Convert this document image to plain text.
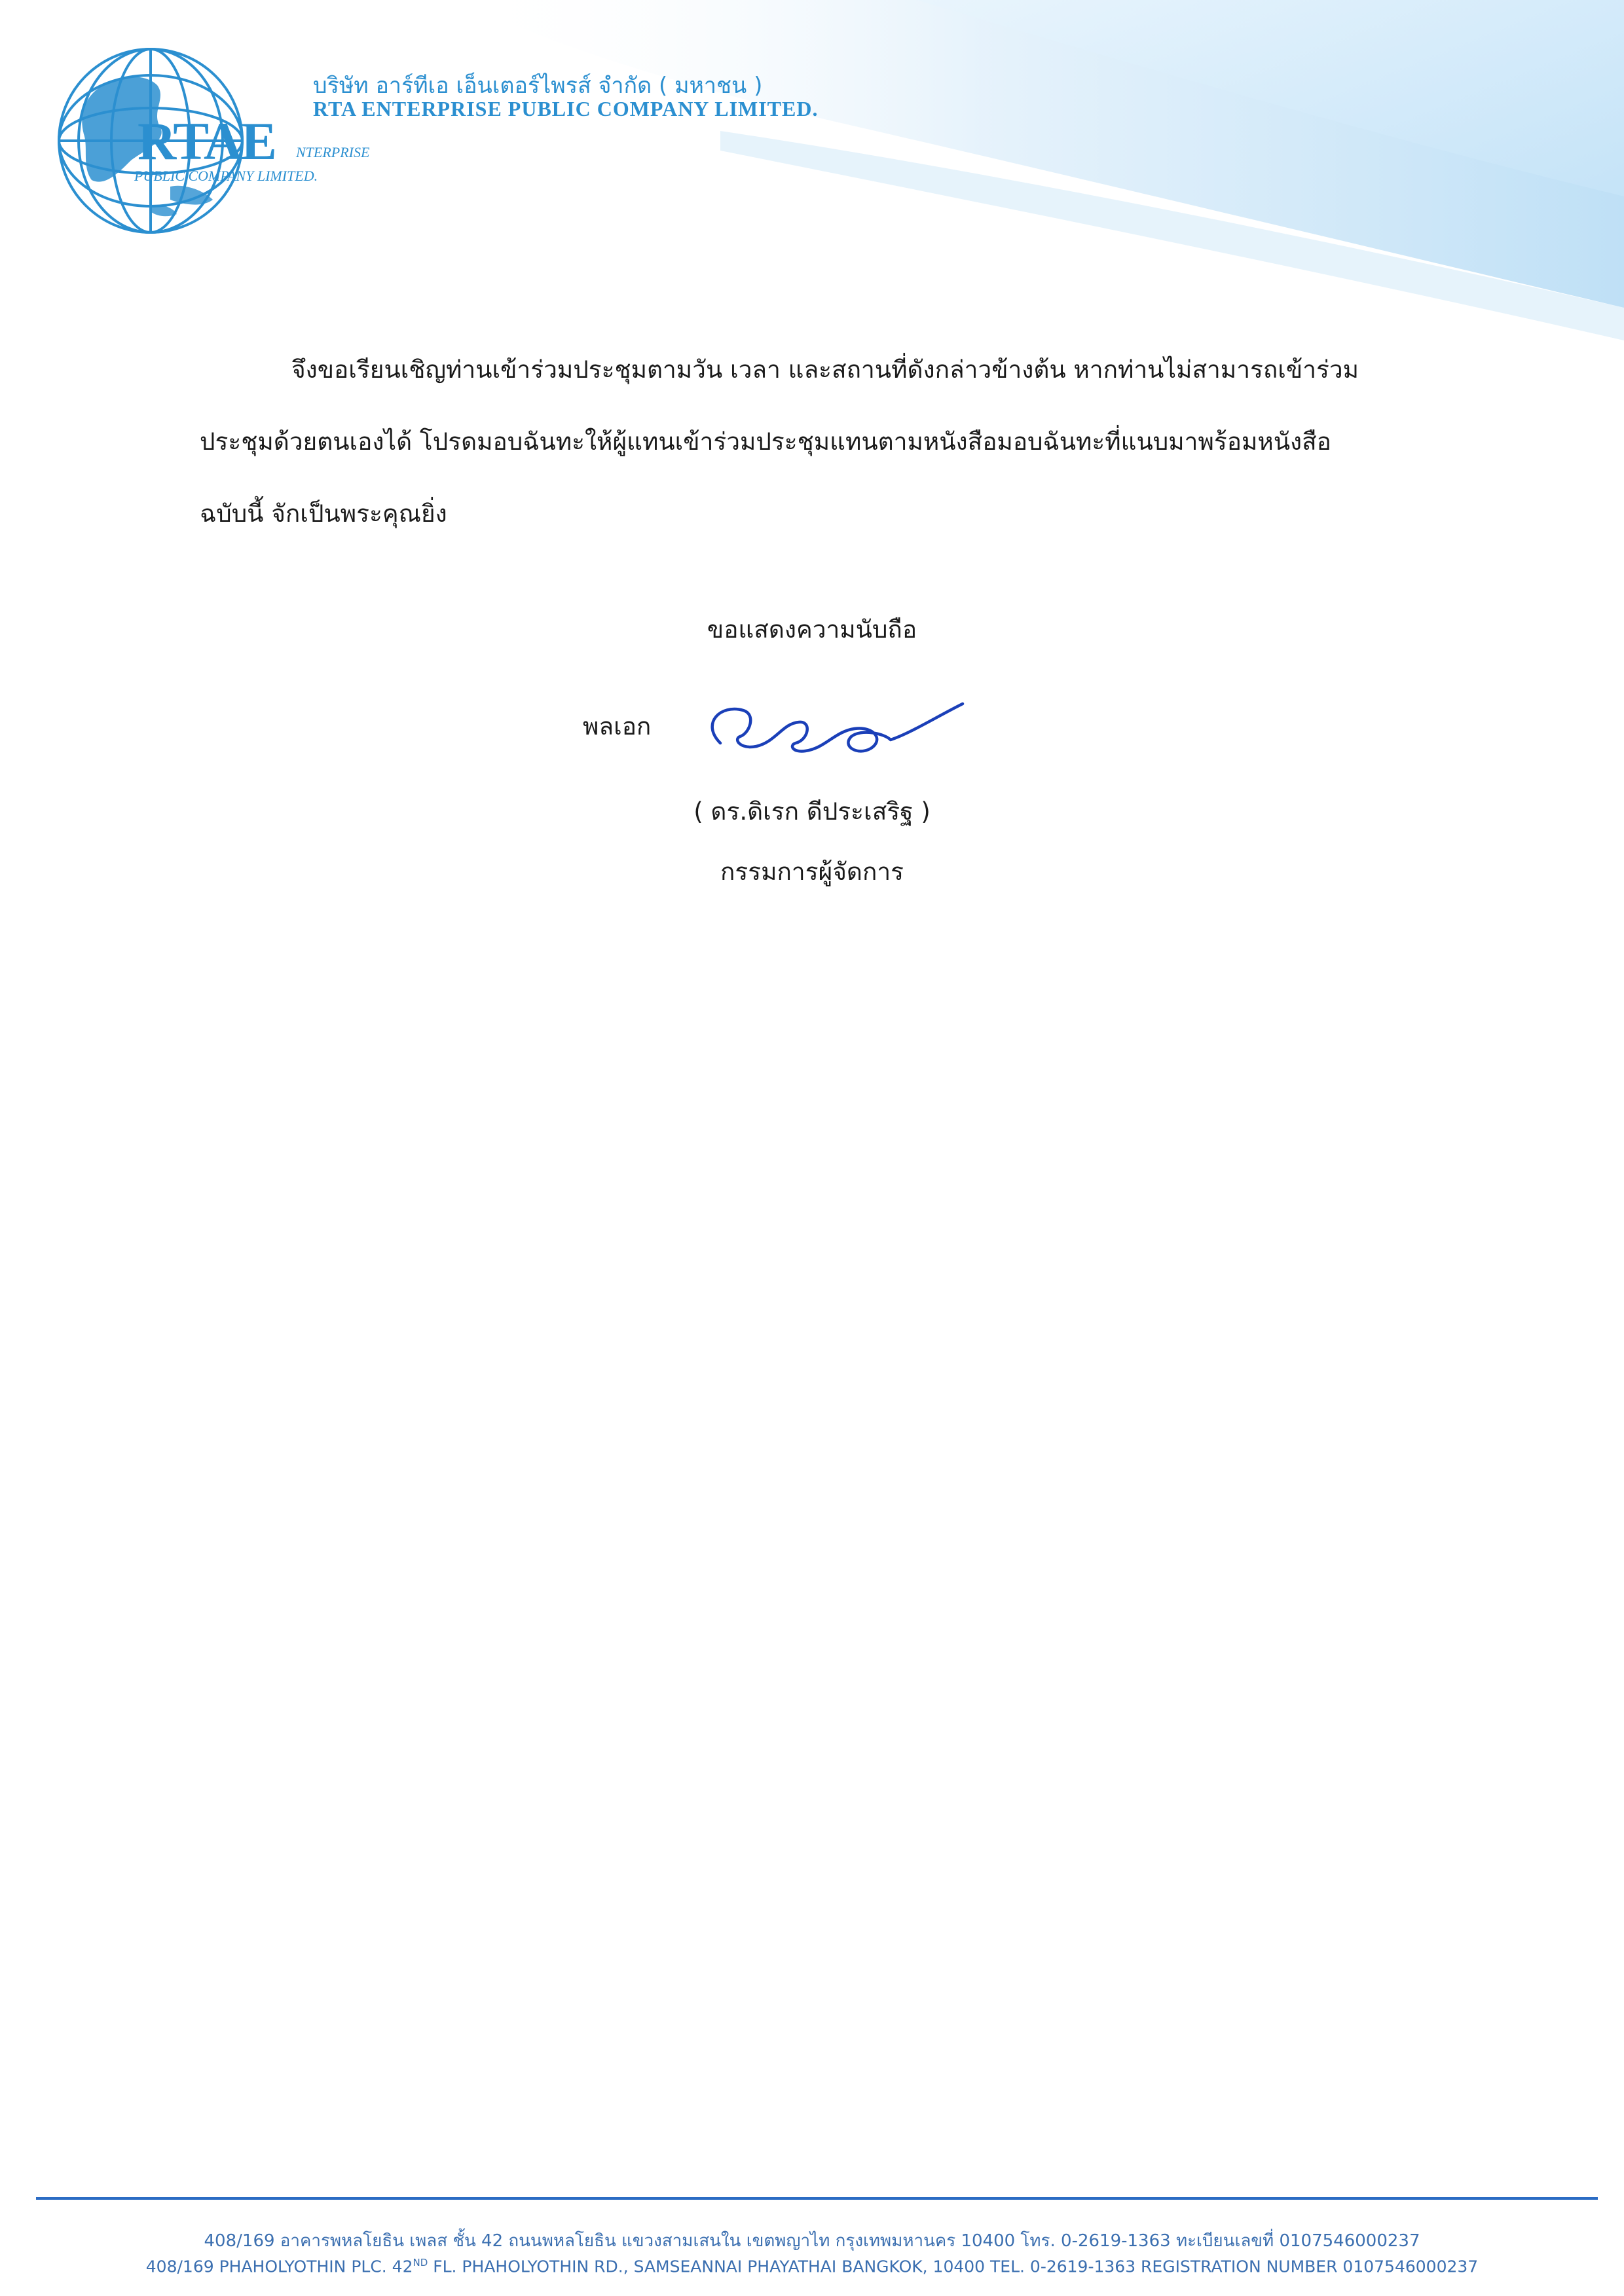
RTAE NTERPRISE
PUBLIC COMPANY LIMITED.
บริษัท อาร์ทีเอ เอ็นเตอร์ไพรส์ จำกัด ( มหาชน )
RTA ENTERPRISE PUBLIC COMPANY LIMITED.
จึงขอเรียนเชิญท่านเข้าร่วมประชุมตามวัน เวลา และสถานที่ดังกล่าวข้างต้น หากท่านไม่สามารถเข้าร่วม
ประชุมด้วยตนเองได้ โปรดมอบฉันทะให้ผู้แทนเข้าร่วมประชุมแทนตามหนังสือมอบฉันทะที่แนบมาพร้อมหนังสือ
ฉบับนี้ จักเป็นพระคุณยิ่ง
ขอแสดงความนับถือ
พลเอก
( ดร.ดิเรก ดีประเสริฐ )
กรรมการผู้จัดการ
408/169 อาคารพหลโยธิน เพลส ชั้น 42 ถนนพหลโยธิน แขวงสามเสนใน เขตพญาไท กรุงเทพมหานคร 10400 โทร. 0-2619-1363 ทะเบียนเลขที่ 0107546000237
408/169 PHAHOLYOTHIN PLC. 42ND FL. PHAHOLYOTHIN RD., SAMSEANNAI PHAYATHAI BANGKOK, 10400 TEL. 0-2619-1363 REGISTRATION NUMBER 0107546000237
